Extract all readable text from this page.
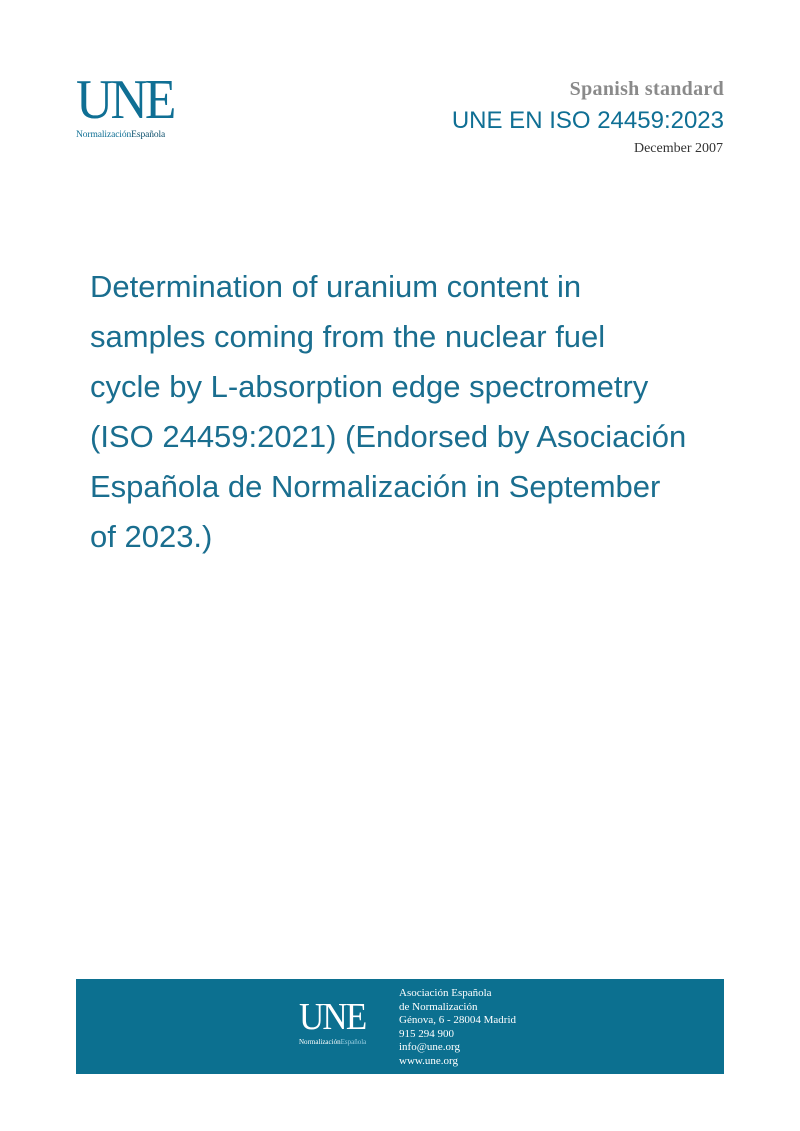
UNE
NormalizaciónEspañola
Spanish standard
UNE EN ISO 24459:2023
December 2007
Determination of uranium content in
samples coming from the nuclear fuel
cycle by L-absorption edge spectrometry
(ISO 24459:2021) (Endorsed by Asociación
Española de Normalización in September
of 2023.)
UNE
NormalizaciónEspañola
Asociación Española
de Normalización
Génova, 6 - 28004 Madrid
915 294 900
info@une.org
www.une.org
